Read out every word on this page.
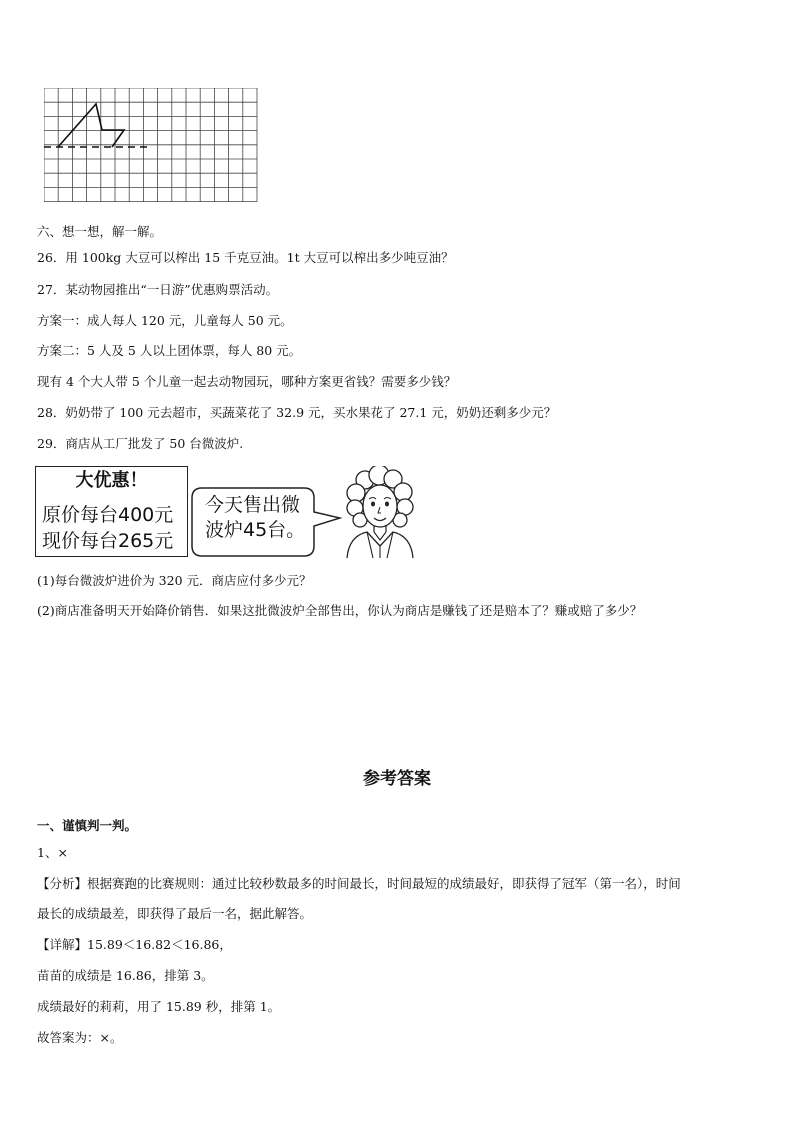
六、想一想，解一解。
26．用 100kg 大豆可以榨出 15 千克豆油。1t 大豆可以榨出多少吨豆油？
27．某动物园推出“一日游”优惠购票活动。
方案一：成人每人 120 元，儿童每人 50 元。
方案二：5 人及 5 人以上团体票，每人 80 元。
现有 4 个大人带 5 个儿童一起去动物园玩，哪种方案更省钱？需要多少钱？
28．奶奶带了 100 元去超市，买蔬菜花了 32.9 元，买水果花了 27.1 元，奶奶还剩多少元？
29．商店从工厂批发了 50 台微波炉.
大优惠！
原价每台400元
现价每台265元
今天售出微
波炉45台。
(1)每台微波炉进价为 320 元．商店应付多少元？
(2)商店准备明天开始降价销售．如果这批微波炉全部售出，你认为商店是赚钱了还是赔本了？赚或赔了多少？
参考答案
一、谨慎判一判。
1、×
【分析】根据赛跑的比赛规则：通过比较秒数最多的时间最长，时间最短的成绩最好，即获得了冠军（第一名），时间
最长的成绩最差，即获得了最后一名，据此解答。
【详解】15.89＜16.82＜16.86，
苗苗的成绩是 16.86，排第 3。
成绩最好的莉莉，用了 15.89 秒，排第 1。
故答案为：×。
